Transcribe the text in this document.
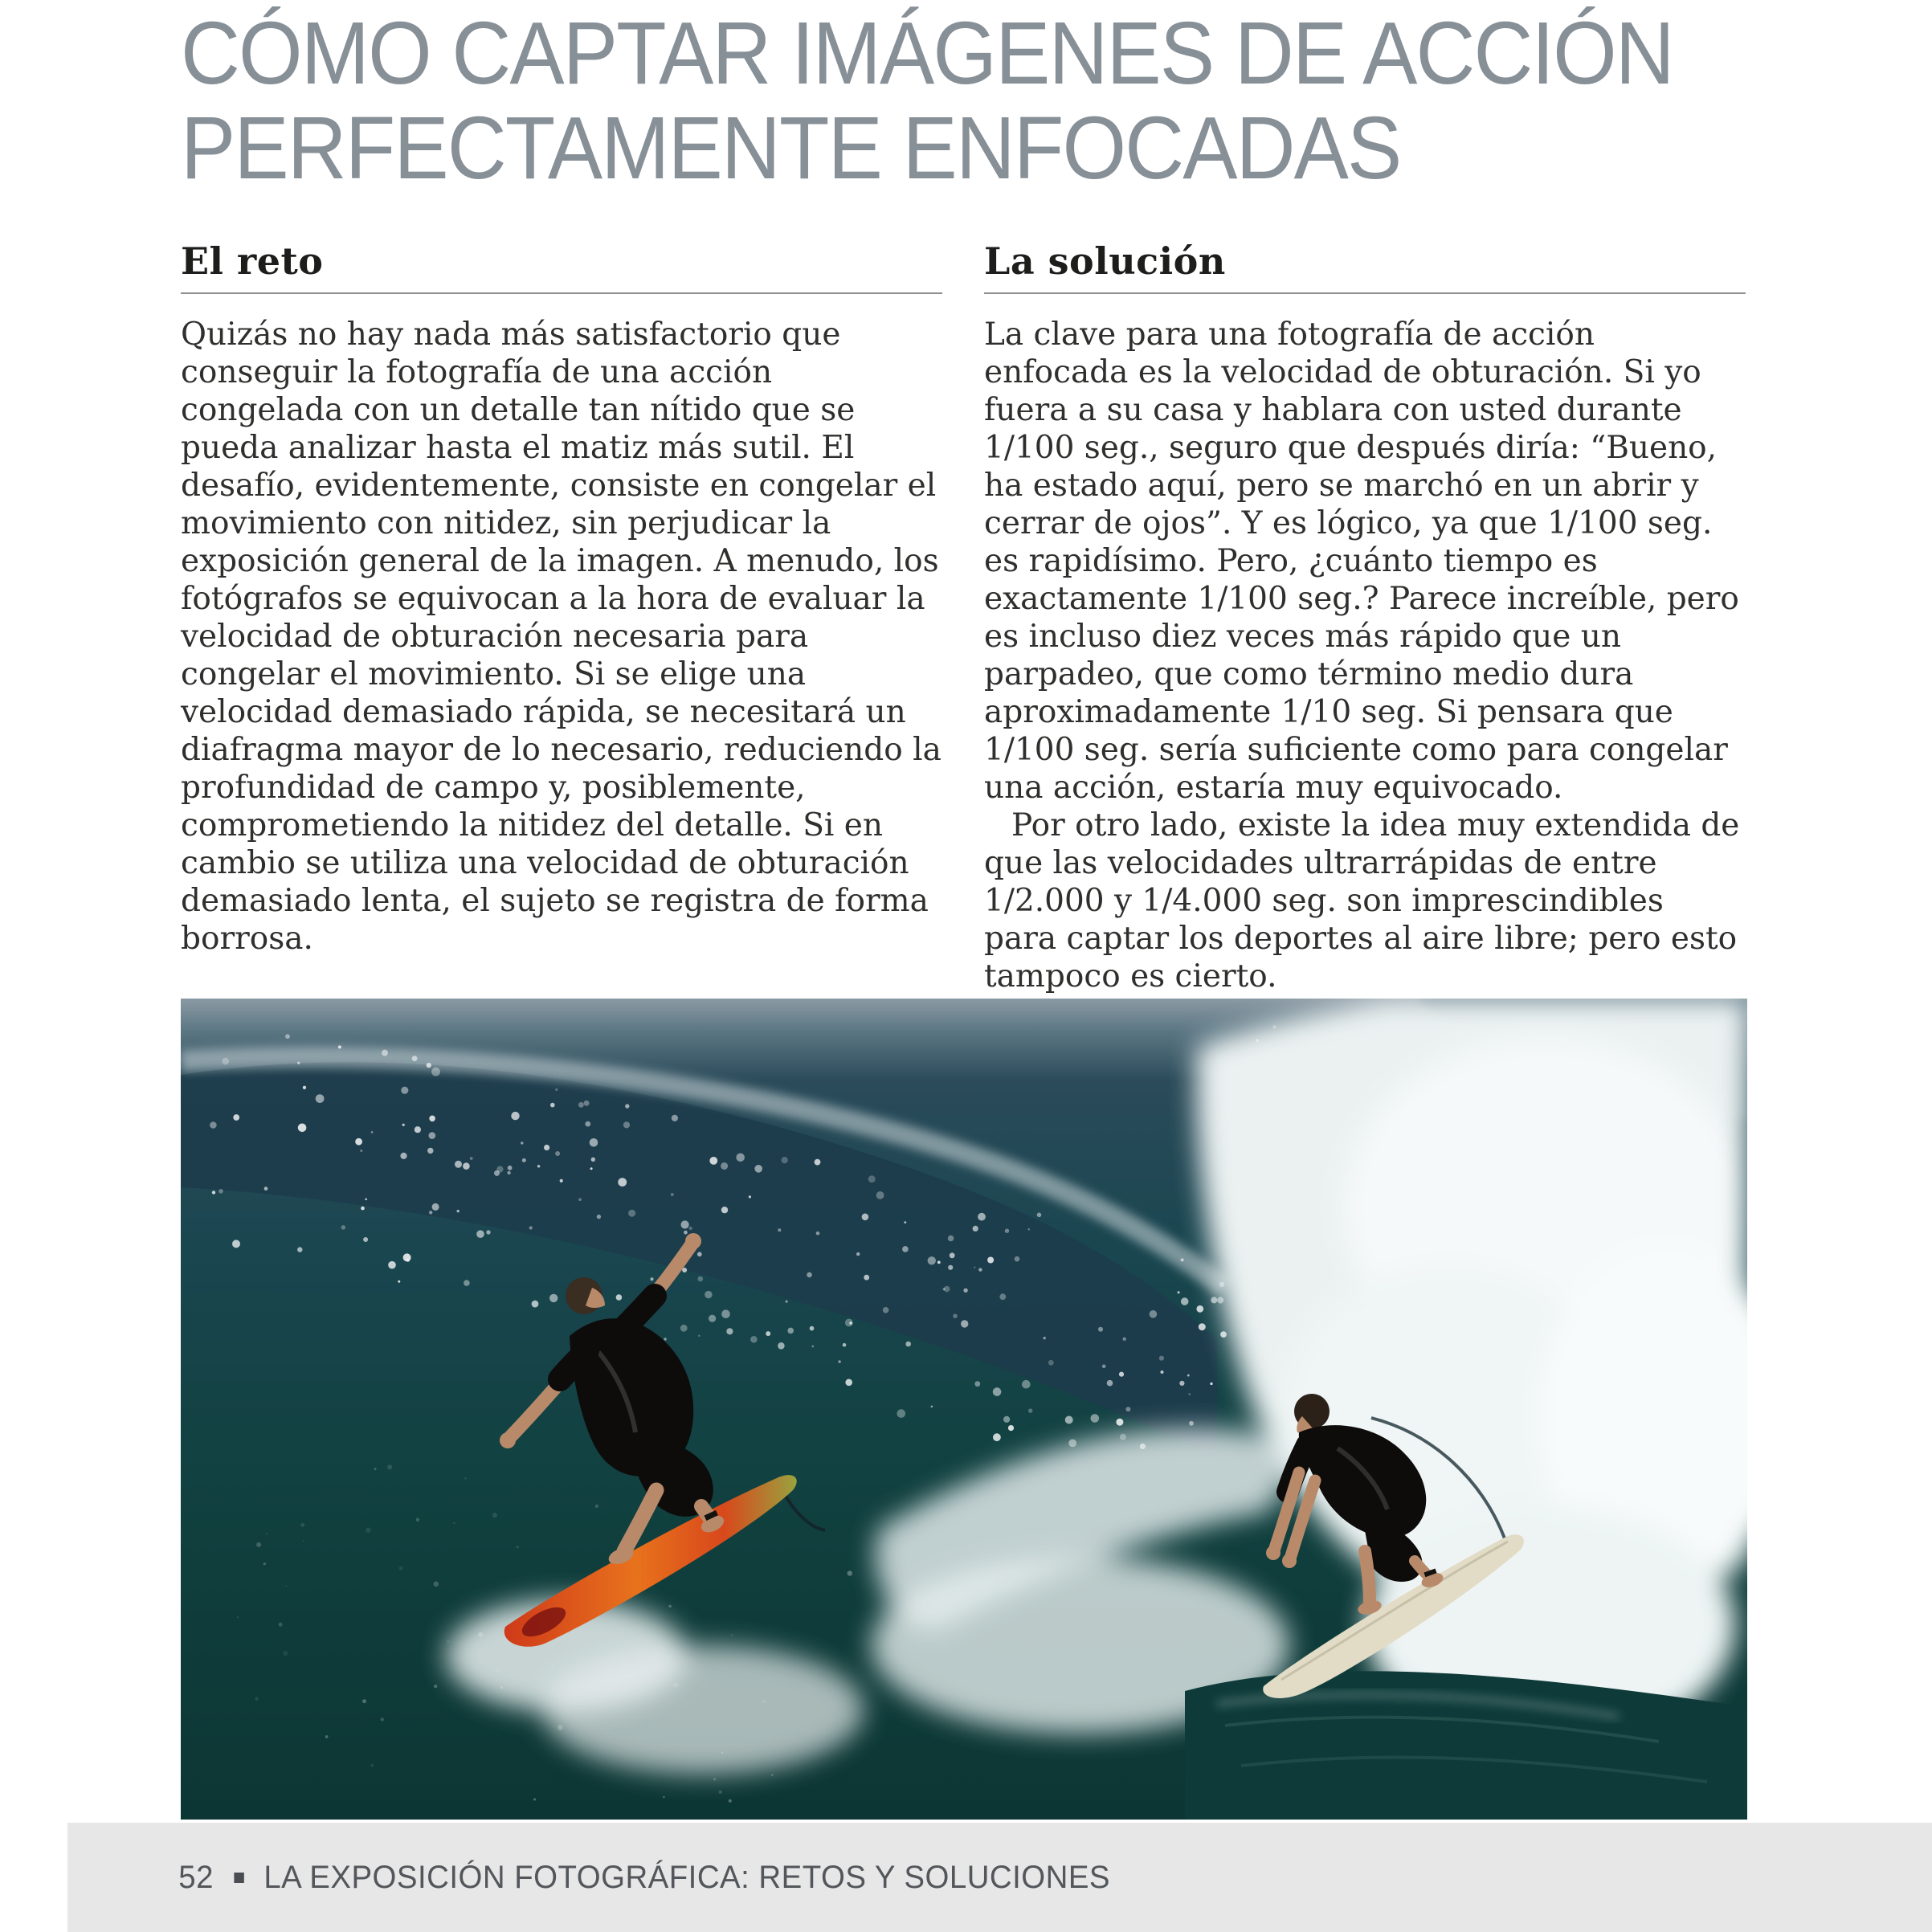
CÓMO CAPTAR IMÁGENES DE ACCIÓN
PERFECTAMENTE ENFOCADAS
El reto

Quizás no hay nada más satisfactorio que conseguir la fotografía de una acción congelada con un detalle tan nítido que se pueda analizar hasta el matiz más sutil. El desafío, evidentemente, consiste en congelar el movimiento con nitidez, sin perjudicar la exposición general de la imagen. A menudo, los fotógrafos se equivocan a la hora de evaluar la velocidad de obturación necesaria para congelar el movimiento. Si se elige una velocidad demasiado rápida, se necesitará un diafragma mayor de lo necesario, reduciendo la profundidad de campo y, posiblemente, comprometiendo la nitidez del detalle. Si en cambio se utiliza una velocidad de obturación demasiado lenta, el sujeto se registra de forma borrosa.

La solución

La clave para una fotografía de acción enfocada es la velocidad de obturación. Si yo fuera a su casa y hablara con usted durante 1/100 seg., seguro que después diría: “Bueno, ha estado aquí, pero se marchó en un abrir y cerrar de ojos”. Y es lógico, ya que 1/100 seg. es rapidísimo. Pero, ¿cuánto tiempo es exactamente 1/100 seg.? Parece increíble, pero es incluso diez veces más rápido que un parpadeo, que como término medio dura aproximadamente 1/10 seg. Si pensara que 1/100 seg. sería suficiente como para congelar una acción, estaría muy equivocado.

Por otro lado, existe la idea muy extendida de que las velocidades ultrarrápidas de entre 1/2.000 y 1/4.000 seg. son imprescindibles para captar los deportes al aire libre; pero esto tampoco es cierto.

52 LA EXPOSICIÓN FOTOGRÁFICA: RETOS Y SOLUCIONES
